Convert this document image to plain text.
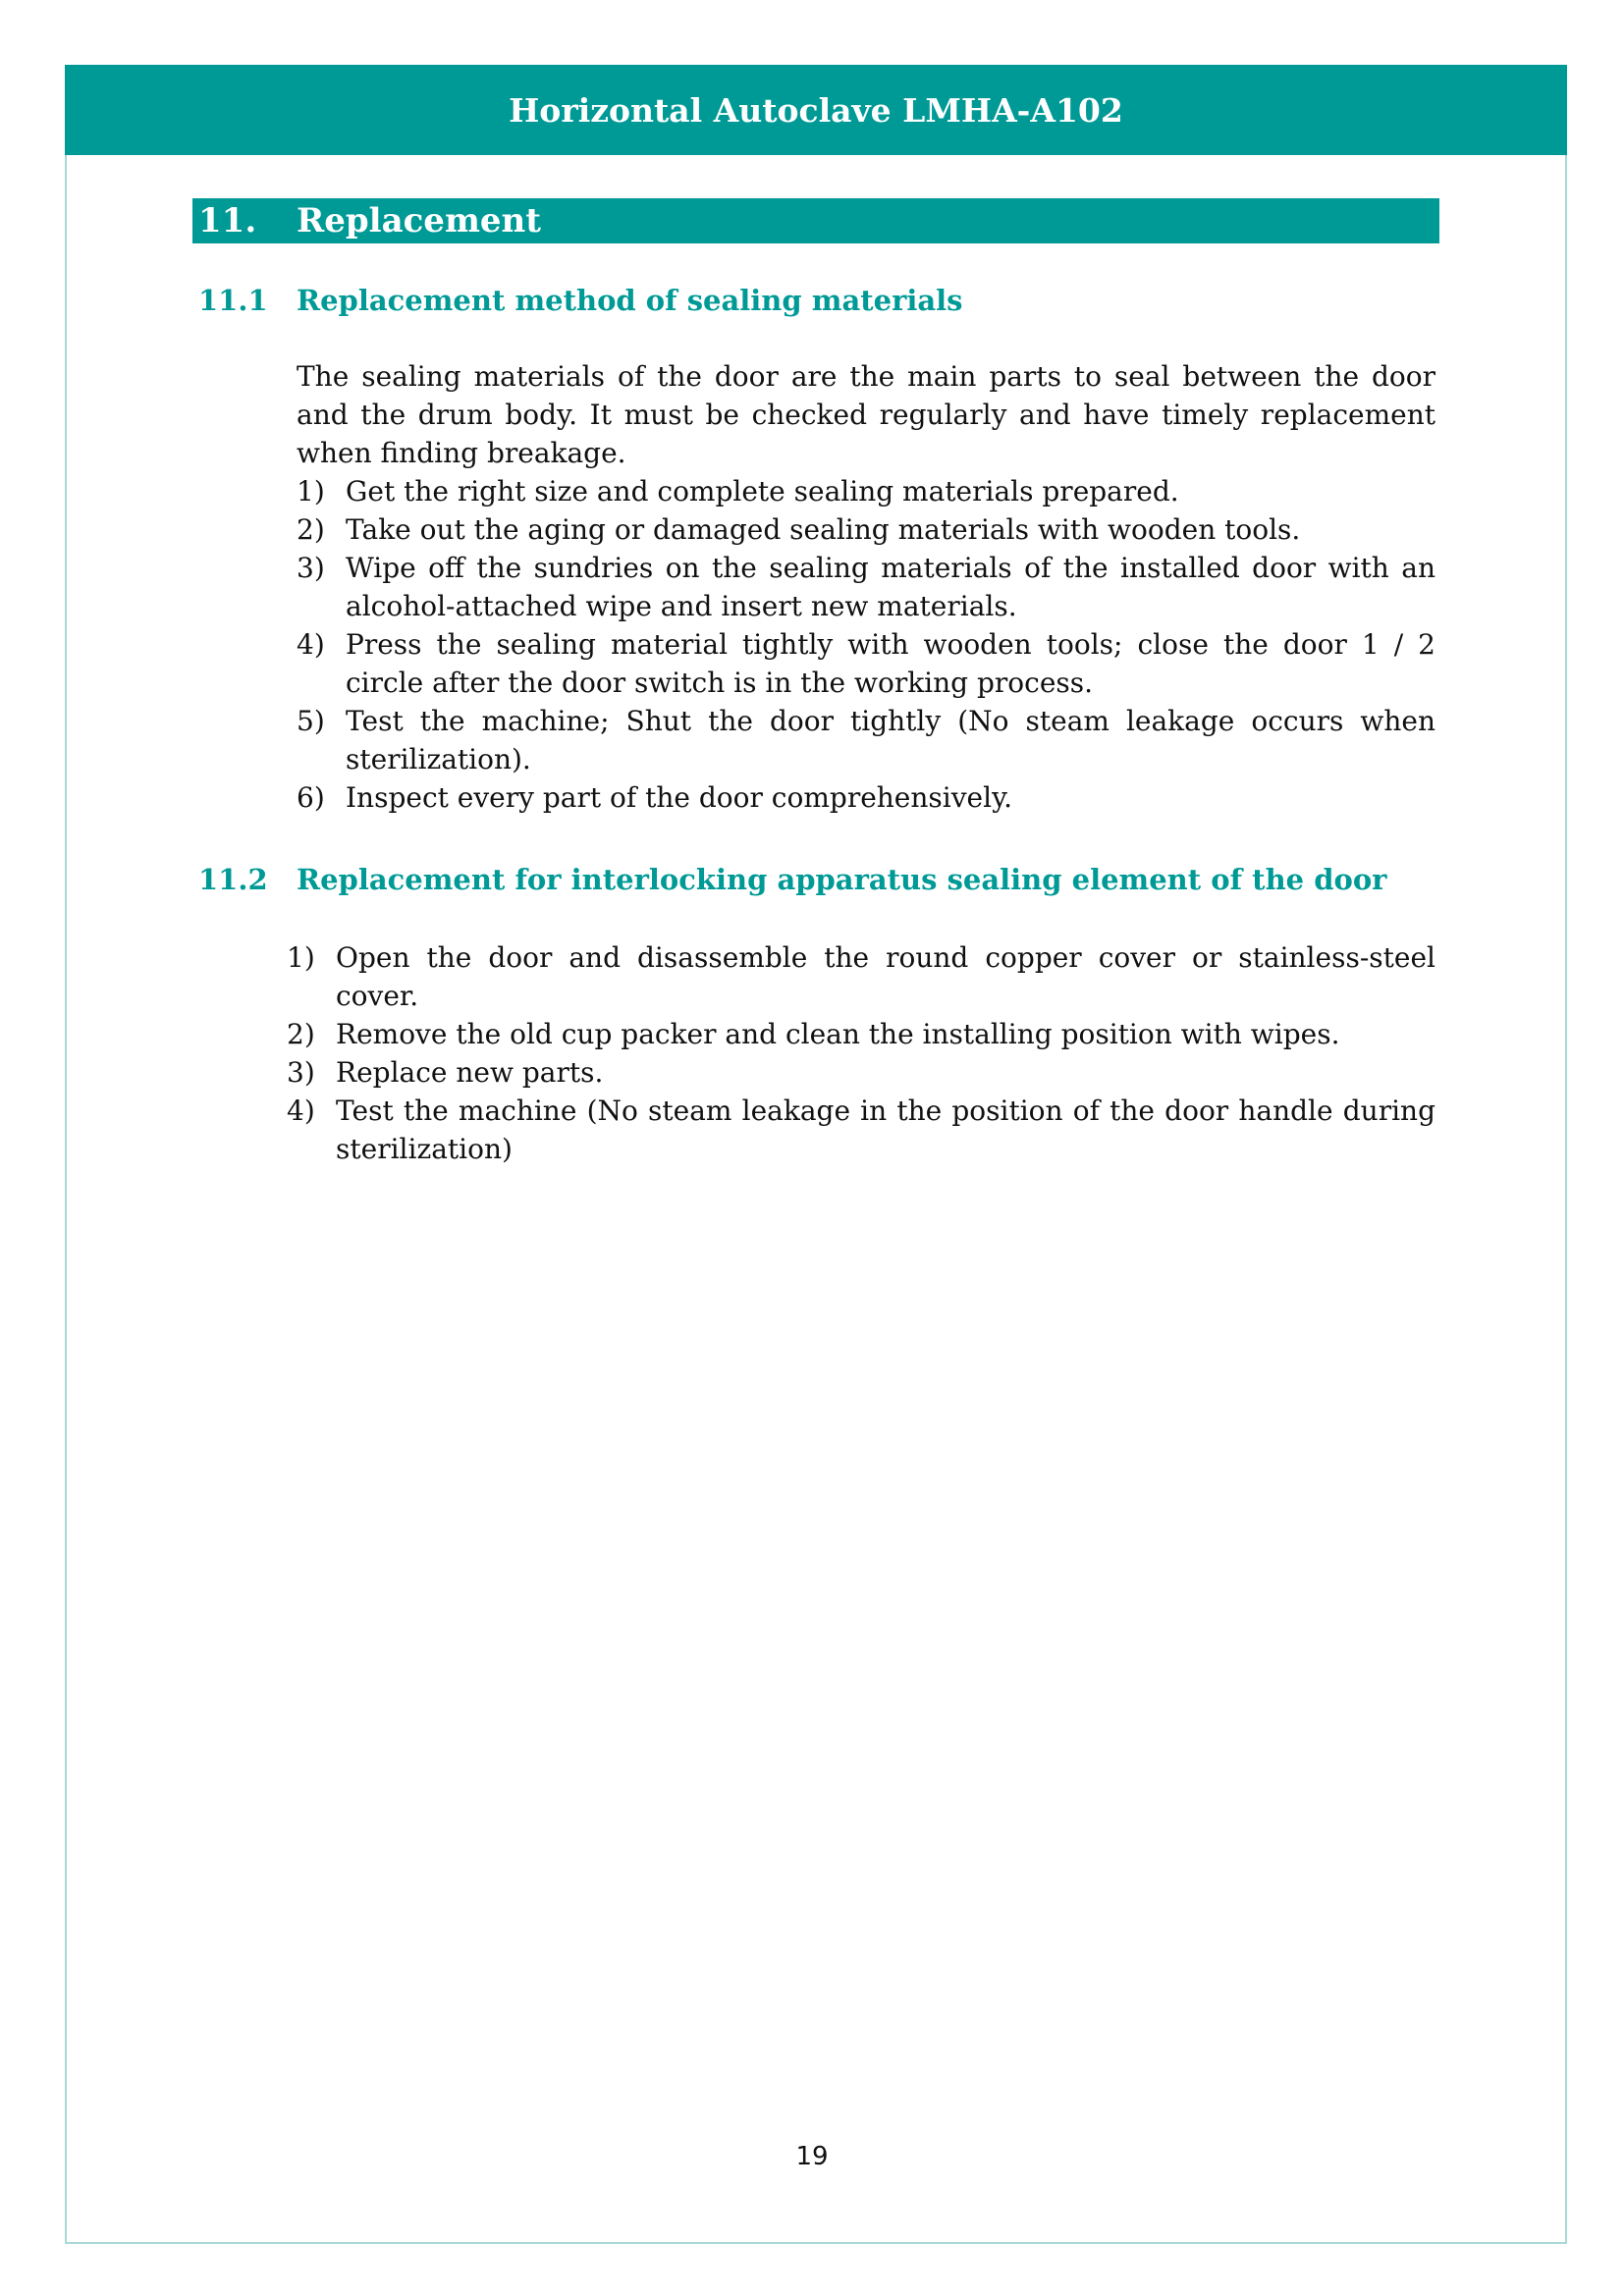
Horizontal Autoclave LMHA-A102
11. Replacement
11.1 Replacement method of sealing materials

The sealing materials of the door are the main parts to seal between the door and the drum body. It must be checked regularly and have timely replacement when finding breakage.

1) Get the right size and complete sealing materials prepared.
2) Take out the aging or damaged sealing materials with wooden tools.
3) Wipe off the sundries on the sealing materials of the installed door with an alcohol-attached wipe and insert new materials.
4) Press the sealing material tightly with wooden tools; close the door 1 / 2 circle after the door switch is in the working process.
5) Test the machine; Shut the door tightly (No steam leakage occurs when sterilization).
6) Inspect every part of the door comprehensively.
11.2 Replacement for interlocking apparatus sealing element of the door
1) Open the door and disassemble the round copper cover or stainless-steel cover.
2) Remove the old cup packer and clean the installing position with wipes.
3) Replace new parts.
4) Test the machine (No steam leakage in the position of the door handle during sterilization)
19
